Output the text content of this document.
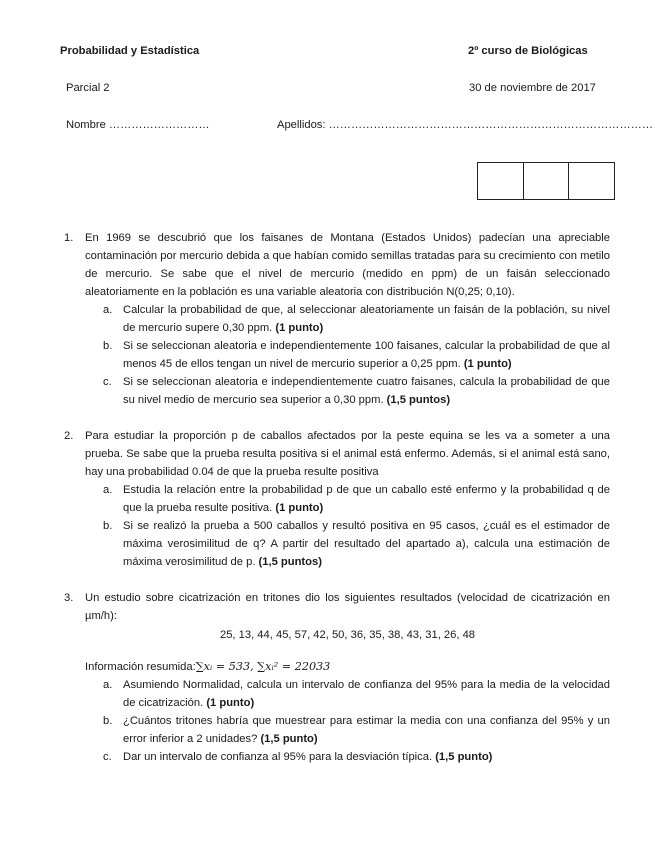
Probabilidad y Estadística	2º curso de Biológicas
Parcial 2	30 de noviembre de 2017
Nombre ………………………	Apellidos: ……………………………………………………………………………
1. En 1969 se descubrió que los faisanes de Montana (Estados Unidos) padecían una apreciable contaminación por mercurio debida a que habían comido semillas tratadas para su crecimiento con metilo de mercurio. Se sabe que el nivel de mercurio (medido en ppm) de un faisán seleccionado aleatoriamente en la población es una variable aleatoria con distribución N(0,25; 0,10).
a. Calcular la probabilidad de que, al seleccionar aleatoriamente un faisán de la población, su nivel de mercurio supere 0,30 ppm. (1 punto)
b. Si se seleccionan aleatoria e independientemente 100 faisanes, calcular la probabilidad de que al menos 45 de ellos tengan un nivel de mercurio superior a 0,25 ppm. (1 punto)
c. Si se seleccionan aleatoria e independientemente cuatro faisanes, calcula la probabilidad de que su nivel medio de mercurio sea superior a 0,30 ppm. (1,5 puntos)
2. Para estudiar la proporción p de caballos afectados por la peste equina se les va a someter a una prueba. Se sabe que la prueba resulta positiva si el animal está enfermo. Además, si el animal está sano, hay una probabilidad 0.04 de que la prueba resulte positiva
a. Estudia la relación entre la probabilidad p de que un caballo esté enfermo y la probabilidad q de que la prueba resulte positiva. (1 punto)
b. Si se realizó la prueba a 500 caballos y resultó positiva en 95 casos, ¿cuál es el estimador de máxima verosimilitud de q? A partir del resultado del apartado a), calcula una estimación de máxima verosimilitud de p. (1,5 puntos)
3. Un estudio sobre cicatrización en tritones dio los siguientes resultados (velocidad de cicatrización en µm/h):
25, 13, 44, 45, 57, 42, 50, 36, 35, 38, 43, 31, 26, 48
Información resumida:∑xᵢ = 533, ∑xᵢ² = 22033
a. Asumiendo Normalidad, calcula un intervalo de confianza del 95% para la media de la velocidad de cicatrización. (1 punto)
b. ¿Cuántos tritones habría que muestrear para estimar la media con una confianza del 95% y un error inferior a 2 unidades? (1,5 punto)
c. Dar un intervalo de confianza al 95% para la desviación típica. (1,5 punto)
